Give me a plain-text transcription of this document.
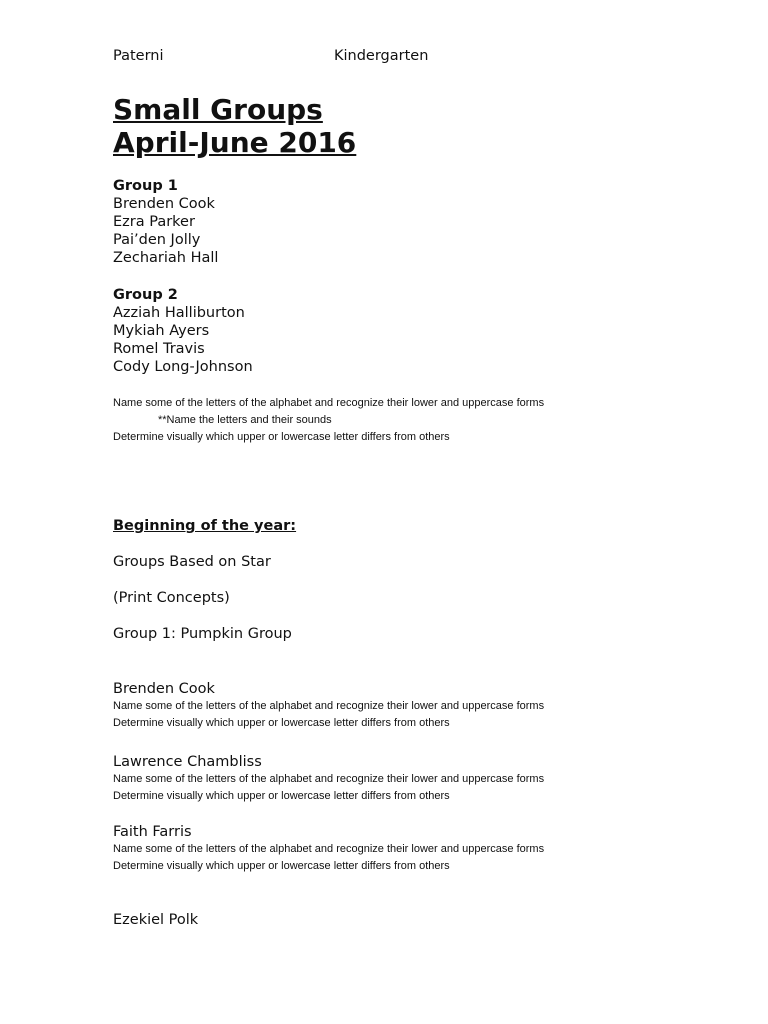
Paterni	Kindergarten
Small Groups
April-June 2016
Group 1
Brenden Cook
Ezra Parker
Pai’den Jolly
Zechariah Hall
Group 2
Azziah Halliburton
Mykiah Ayers
Romel Travis
Cody Long-Johnson
Name some of the letters of the alphabet and recognize their lower and uppercase forms
**Name the letters and their sounds
Determine visually which upper or lowercase letter differs from others
Beginning of the year:
Groups Based on Star
(Print Concepts)
Group 1: Pumpkin Group
Brenden Cook
Name some of the letters of the alphabet and recognize their lower and uppercase forms
Determine visually which upper or lowercase letter differs from others
Lawrence Chambliss
Name some of the letters of the alphabet and recognize their lower and uppercase forms
Determine visually which upper or lowercase letter differs from others
Faith Farris
Name some of the letters of the alphabet and recognize their lower and uppercase forms
Determine visually which upper or lowercase letter differs from others
Ezekiel Polk
